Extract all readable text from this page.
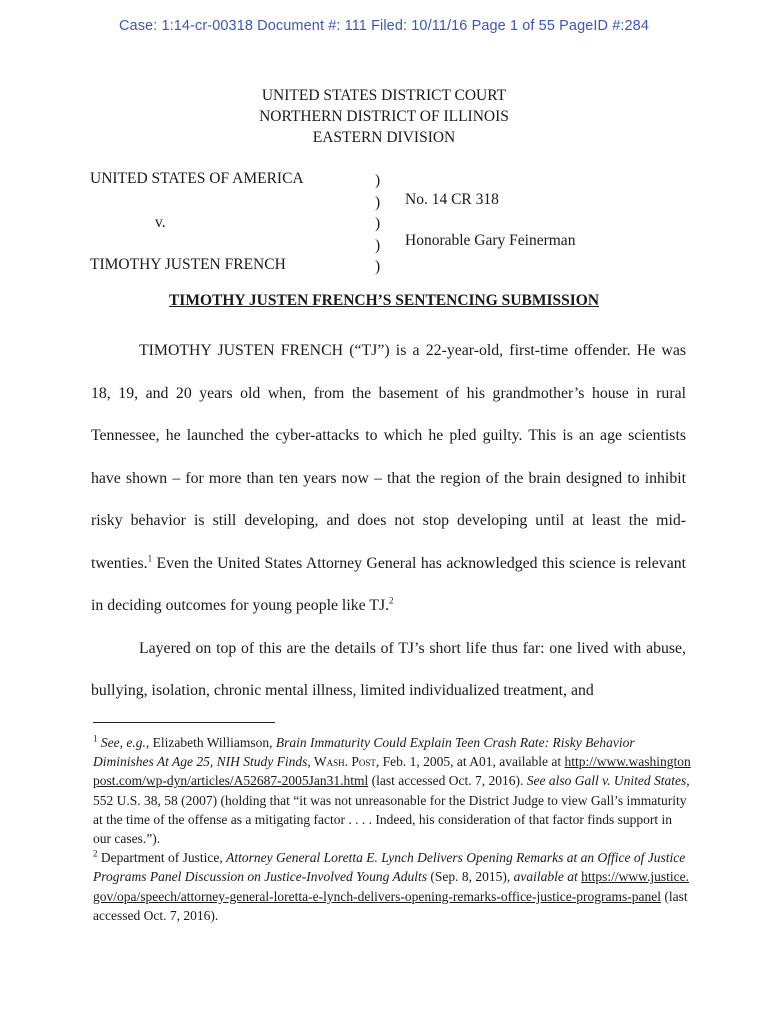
Case: 1:14-cr-00318 Document #: 111 Filed: 10/11/16 Page 1 of 55 PageID #:284
UNITED STATES DISTRICT COURT
NORTHERN DISTRICT OF ILLINOIS
EASTERN DIVISION
UNITED STATES OF AMERICA
v.
TIMOTHY JUSTEN FRENCH
)
)
)
)
)
No. 14 CR 318
Honorable Gary Feinerman
TIMOTHY JUSTEN FRENCH’S SENTENCING SUBMISSION

TIMOTHY JUSTEN FRENCH (“TJ”) is a 22-year-old, first-time offender. He was 18, 19, and 20 years old when, from the basement of his grandmother’s house in rural Tennessee, he launched the cyber-attacks to which he pled guilty. This is an age scientists have shown – for more than ten years now – that the region of the brain designed to inhibit risky behavior is still developing, and does not stop developing until at least the mid-twenties.$^1$ Even the United States Attorney General has acknowledged this science is relevant in deciding outcomes for young people like TJ.$^2$

Layered on top of this are the details of TJ’s short life thus far: one lived with abuse, bullying, isolation, chronic mental illness, limited individualized treatment, and

$^1$ See, e.g., Elizabeth Williamson, Brain Immaturity Could Explain Teen Crash Rate: Risky Behavior Diminishes At Age 25, NIH Study Finds, Wash. Post, Feb. 1, 2005, at A01, available at http://www.washingtonpost.com/wp-dyn/articles/A52687-2005Jan31.html (last accessed Oct. 7, 2016). See also Gall v. United States, 552 U.S. 38, 58 (2007) (holding that “it was not unreasonable for the District Judge to view Gall’s immaturity at the time of the offense as a mitigating factor . . . . Indeed, his consideration of that factor finds support in our cases.”).

$^2$ Department of Justice, Attorney General Loretta E. Lynch Delivers Opening Remarks at an Office of Justice Programs Panel Discussion on Justice-Involved Young Adults (Sep. 8, 2015), available at https://www.justice.gov/opa/speech/attorney-general-loretta-e-lynch-delivers-opening-remarks-office-justice-programs-panel (last accessed Oct. 7, 2016).
